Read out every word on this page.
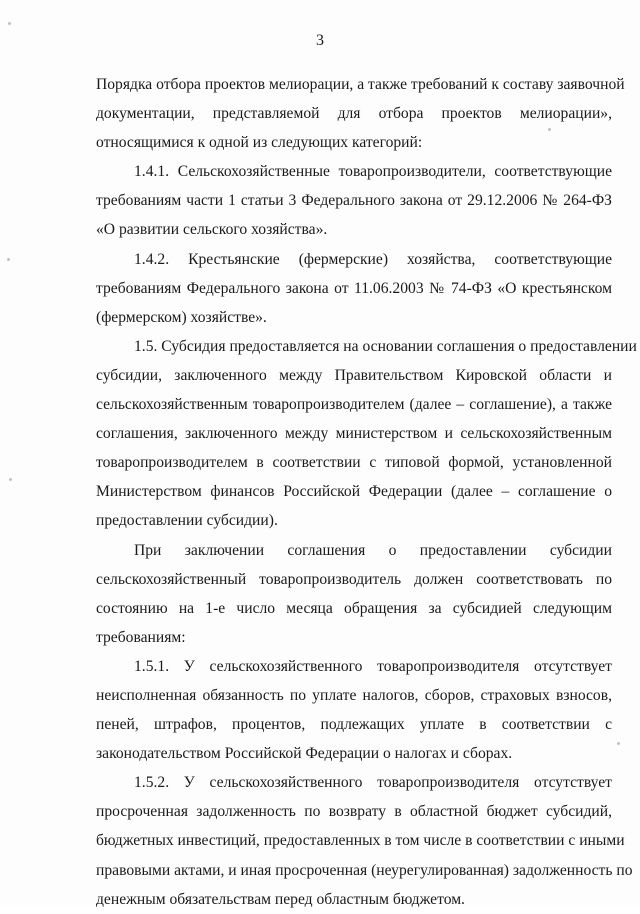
3
Порядка отбора проектов мелиорации, а также требований к составу заявочной
документации, представляемой для отбора проектов мелиорации»,
относящимися к одной из следующих категорий:
1.4.1. Сельскохозяйственные товаропроизводители, соответствующие
требованиям части 1 статьи 3 Федерального закона от 29.12.2006 № 264-ФЗ
«О развитии сельского хозяйства».
1.4.2. Крестьянские (фермерские) хозяйства, соответствующие
требованиям Федерального закона от 11.06.2003 № 74-ФЗ «О крестьянском
(фермерском) хозяйстве».
1.5. Субсидия предоставляется на основании соглашения о предоставлении
субсидии, заключенного между Правительством Кировской области и
сельскохозяйственным товаропроизводителем (далее – соглашение), а также
соглашения, заключенного между министерством и сельскохозяйственным
товаропроизводителем в соответствии с типовой формой, установленной
Министерством финансов Российской Федерации (далее – соглашение о
предоставлении субсидии).
При заключении соглашения о предоставлении субсидии
сельскохозяйственный товаропроизводитель должен соответствовать по
состоянию на 1-е число месяца обращения за субсидией следующим
требованиям:
1.5.1. У сельскохозяйственного товаропроизводителя отсутствует
неисполненная обязанность по уплате налогов, сборов, страховых взносов,
пеней, штрафов, процентов, подлежащих уплате в соответствии с
законодательством Российской Федерации о налогах и сборах.
1.5.2. У сельскохозяйственного товаропроизводителя отсутствует
просроченная задолженность по возврату в областной бюджет субсидий,
бюджетных инвестиций, предоставленных в том числе в соответствии с иными
правовыми актами, и иная просроченная (неурегулированная) задолженность по
денежным обязательствам перед областным бюджетом.
